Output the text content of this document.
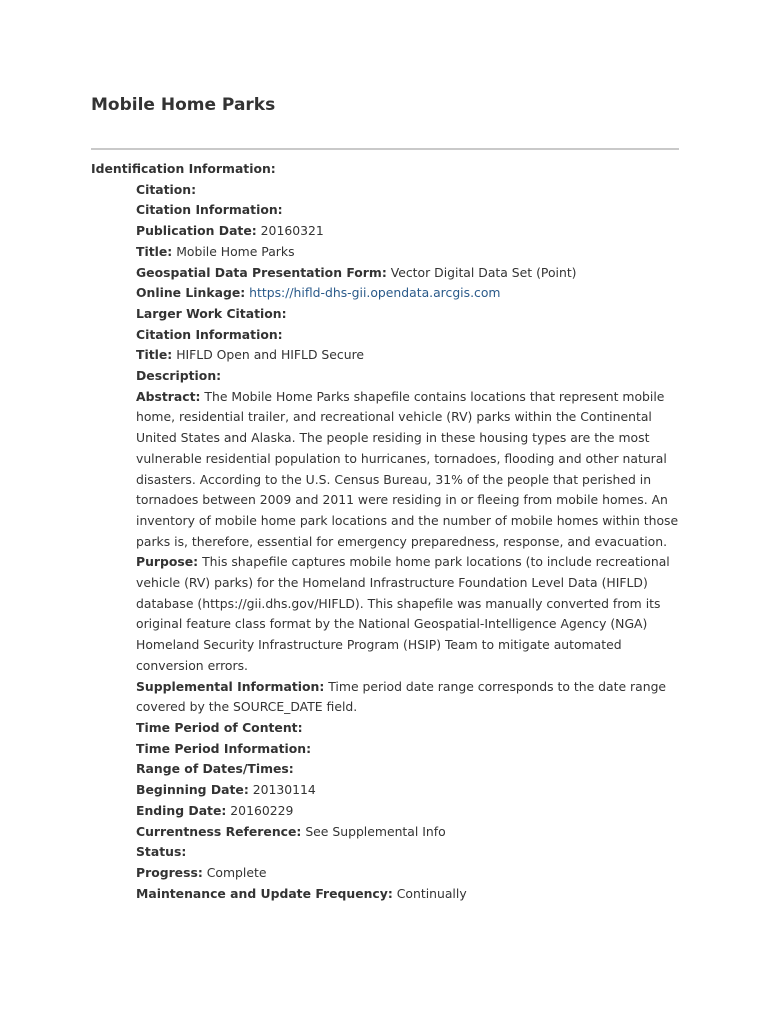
Mobile Home Parks
Identification Information:
Citation:
Citation Information:
Publication Date: 20160321
Title: Mobile Home Parks
Geospatial Data Presentation Form: Vector Digital Data Set (Point)
Online Linkage: https://hifld-dhs-gii.opendata.arcgis.com
Larger Work Citation:
Citation Information:
Title: HIFLD Open and HIFLD Secure
Description:
Abstract: The Mobile Home Parks shapefile contains locations that represent mobile home, residential trailer, and recreational vehicle (RV) parks within the Continental United States and Alaska. The people residing in these housing types are the most vulnerable residential population to hurricanes, tornadoes, flooding and other natural disasters. According to the U.S. Census Bureau, 31% of the people that perished in tornadoes between 2009 and 2011 were residing in or fleeing from mobile homes. An inventory of mobile home park locations and the number of mobile homes within those parks is, therefore, essential for emergency preparedness, response, and evacuation.
Purpose: This shapefile captures mobile home park locations (to include recreational vehicle (RV) parks) for the Homeland Infrastructure Foundation Level Data (HIFLD) database (https://gii.dhs.gov/HIFLD). This shapefile was manually converted from its original feature class format by the National Geospatial-Intelligence Agency (NGA) Homeland Security Infrastructure Program (HSIP) Team to mitigate automated conversion errors.
Supplemental Information: Time period date range corresponds to the date range covered by the SOURCE_DATE field.
Time Period of Content:
Time Period Information:
Range of Dates/Times:
Beginning Date: 20130114
Ending Date: 20160229
Currentness Reference: See Supplemental Info
Status:
Progress: Complete
Maintenance and Update Frequency: Continually
